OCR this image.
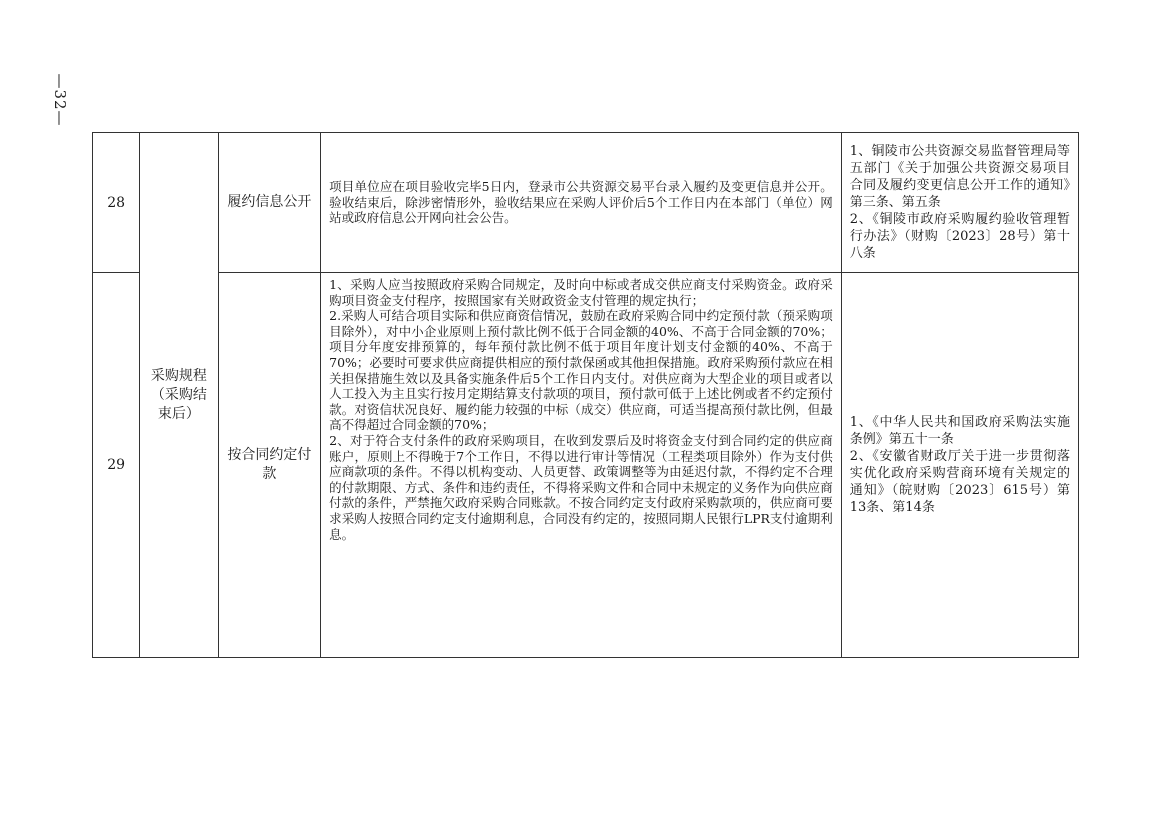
—32—
28	采购规程（采购结束后）	履约信息公开	项目单位应在项目验收完毕5日内，登录市公共资源交易平台录入履约及变更信息并公开。验收结束后，除涉密情形外，验收结果应在采购人评价后5个工作日内在本部门（单位）网站或政府信息公开网向社会公告。	1、铜陵市公共资源交易监督管理局等五部门《关于加强公共资源交易项目合同及履约变更信息公开工作的通知》第三条、第五条
2、《铜陵市政府采购履约验收管理暂行办法》（财购〔2023〕28号）第十八条

29		按合同约定付款	1、采购人应当按照政府采购合同规定，及时向中标或者成交供应商支付采购资金。政府采购项目资金支付程序，按照国家有关财政资金支付管理的规定执行；
2.采购人可结合项目实际和供应商资信情况，鼓励在政府采购合同中约定预付款（预采购项目除外），对中小企业原则上预付款比例不低于合同金额的40%、不高于合同金额的70%；项目分年度安排预算的，每年预付款比例不低于项目年度计划支付金额的40%、不高于70%；必要时可要求供应商提供相应的预付款保函或其他担保措施。政府采购预付款应在相关担保措施生效以及具备实施条件后5个工作日内支付。对供应商为大型企业的项目或者以人工投入为主且实行按月定期结算支付款项的项目，预付款可低于上述比例或者不约定预付款。对资信状况良好、履约能力较强的中标（成交）供应商，可适当提高预付款比例，但最高不得超过合同金额的70%；
2、对于符合支付条件的政府采购项目，在收到发票后及时将资金支付到合同约定的供应商账户，原则上不得晚于7个工作日，不得以进行审计等情况（工程类项目除外）作为支付供应商款项的条件。不得以机构变动、人员更替、政策调整等为由延迟付款，不得约定不合理的付款期限、方式、条件和违约责任，不得将采购文件和合同中未规定的义务作为向供应商付款的条件，严禁拖欠政府采购合同账款。不按合同约定支付政府采购款项的，供应商可要求采购人按照合同约定支付逾期利息，合同没有约定的，按照同期人民银行LPR支付逾期利息。	1、《中华人民共和国政府采购法实施条例》第五十一条
2、《安徽省财政厅关于进一步贯彻落实优化政府采购营商环境有关规定的通知》（皖财购〔2023〕615号）第13条、第14条
